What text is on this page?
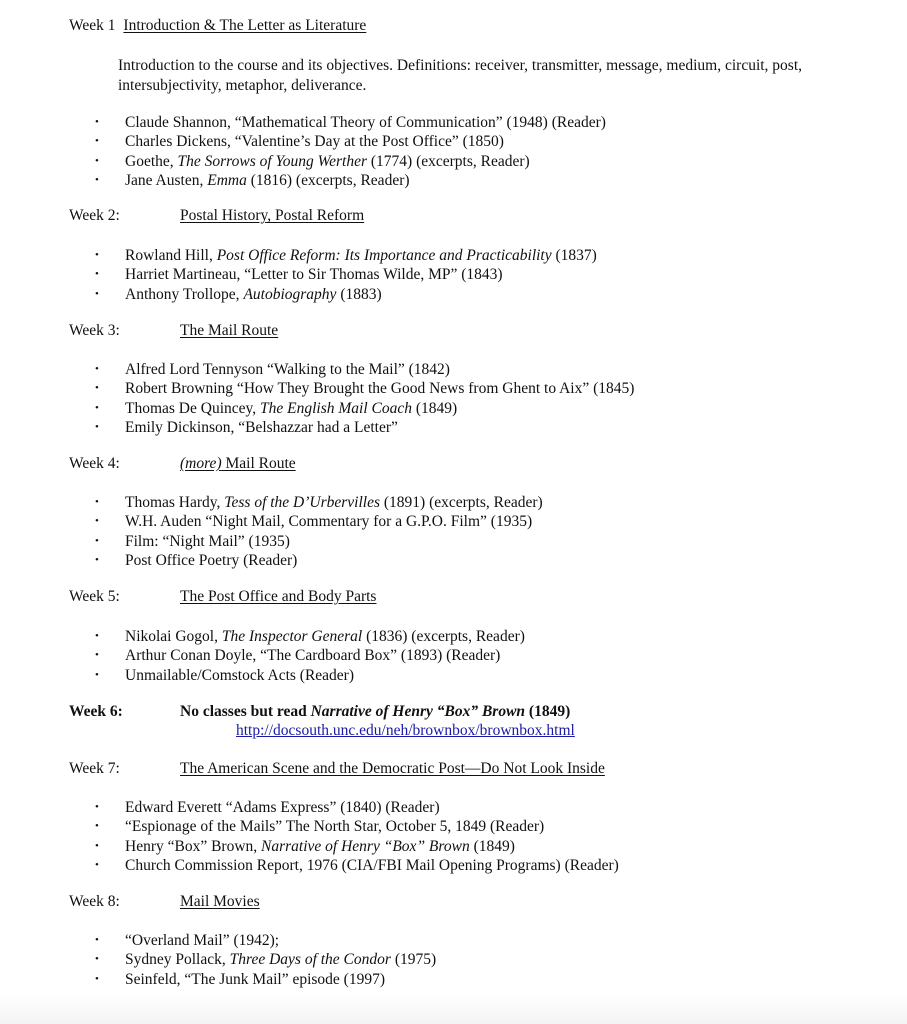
Week 1 Introduction & The Letter as Literature
Introduction to the course and its objectives. Definitions: receiver, transmitter, message, medium, circuit, post, intersubjectivity, metaphor, deliverance.
• Claude Shannon, “Mathematical Theory of Communication” (1948) (Reader)
• Charles Dickens, “Valentine’s Day at the Post Office” (1850)
• Goethe, The Sorrows of Young Werther (1774) (excerpts, Reader)
• Jane Austen, Emma (1816) (excerpts, Reader)
Week 2:	Postal History, Postal Reform
• Rowland Hill, Post Office Reform: Its Importance and Practicability (1837)
• Harriet Martineau, “Letter to Sir Thomas Wilde, MP” (1843)
• Anthony Trollope, Autobiography (1883)
Week 3:	The Mail Route
• Alfred Lord Tennyson “Walking to the Mail” (1842)
• Robert Browning “How They Brought the Good News from Ghent to Aix” (1845)
• Thomas De Quincey, The English Mail Coach (1849)
• Emily Dickinson, “Belshazzar had a Letter”
Week 4:	(more) Mail Route
• Thomas Hardy, Tess of the D’Urbervilles (1891) (excerpts, Reader)
• W.H. Auden “Night Mail, Commentary for a G.P.O. Film” (1935)
• Film: “Night Mail” (1935)
• Post Office Poetry (Reader)
Week 5:	The Post Office and Body Parts
• Nikolai Gogol, The Inspector General (1836) (excerpts, Reader)
• Arthur Conan Doyle, “The Cardboard Box” (1893) (Reader)
• Unmailable/Comstock Acts (Reader)
Week 6:	No classes but read Narrative of Henry “Box” Brown (1849)
http://docsouth.unc.edu/neh/brownbox/brownbox.html
Week 7:	The American Scene and the Democratic Post—Do Not Look Inside
• Edward Everett “Adams Express” (1840) (Reader)
• “Espionage of the Mails” The North Star, October 5, 1849 (Reader)
• Henry “Box” Brown, Narrative of Henry “Box” Brown (1849)
• Church Commission Report, 1976 (CIA/FBI Mail Opening Programs) (Reader)
Week 8:	Mail Movies
• “Overland Mail” (1942);
• Sydney Pollack, Three Days of the Condor (1975)
• Seinfeld, “The Junk Mail” episode (1997)
